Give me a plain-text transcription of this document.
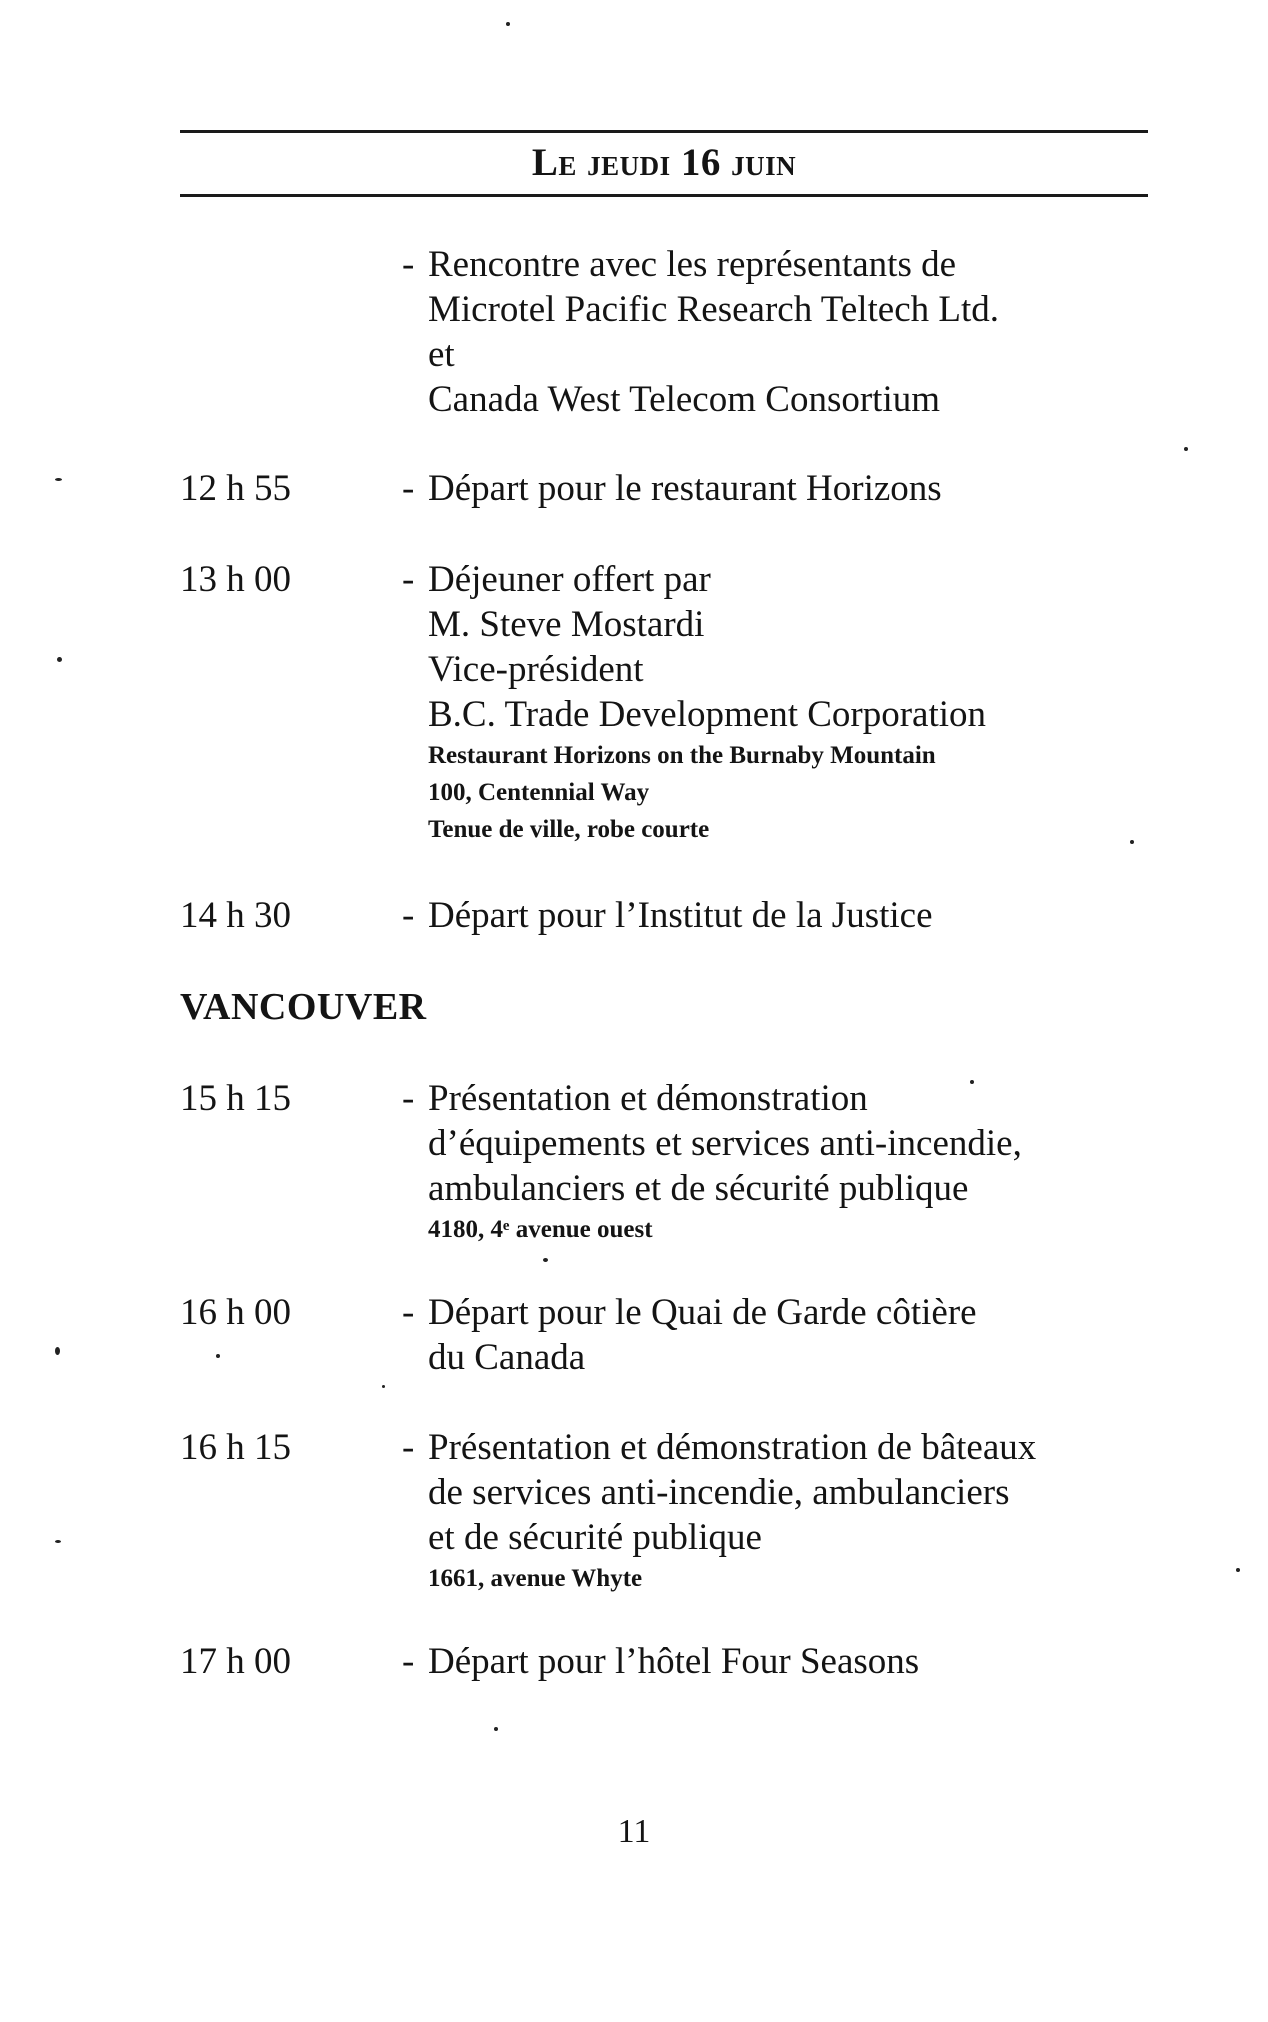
Le jeudi 16 juin
- Rencontre avec les représentants de
Microtel Pacific Research Teltech Ltd.
et
Canada West Telecom Consortium
12 h 55	- Départ pour le restaurant Horizons
13 h 00	- Déjeuner offert par
M. Steve Mostardi
Vice-président
B.C. Trade Development Corporation
Restaurant Horizons on the Burnaby Mountain
100, Centennial Way
Tenue de ville, robe courte
14 h 30	- Départ pour l’Institut de la Justice
VANCOUVER
15 h 15	- Présentation et démonstration
d’équipements et services anti-incendie,
ambulanciers et de sécurité publique
4180, 4ᵉ avenue ouest
16 h 00	- Départ pour le Quai de Garde côtière
du Canada
16 h 15	- Présentation et démonstration de bâteaux
de services anti-incendie, ambulanciers
et de sécurité publique
1661, avenue Whyte
17 h 00	- Départ pour l’hôtel Four Seasons
11
